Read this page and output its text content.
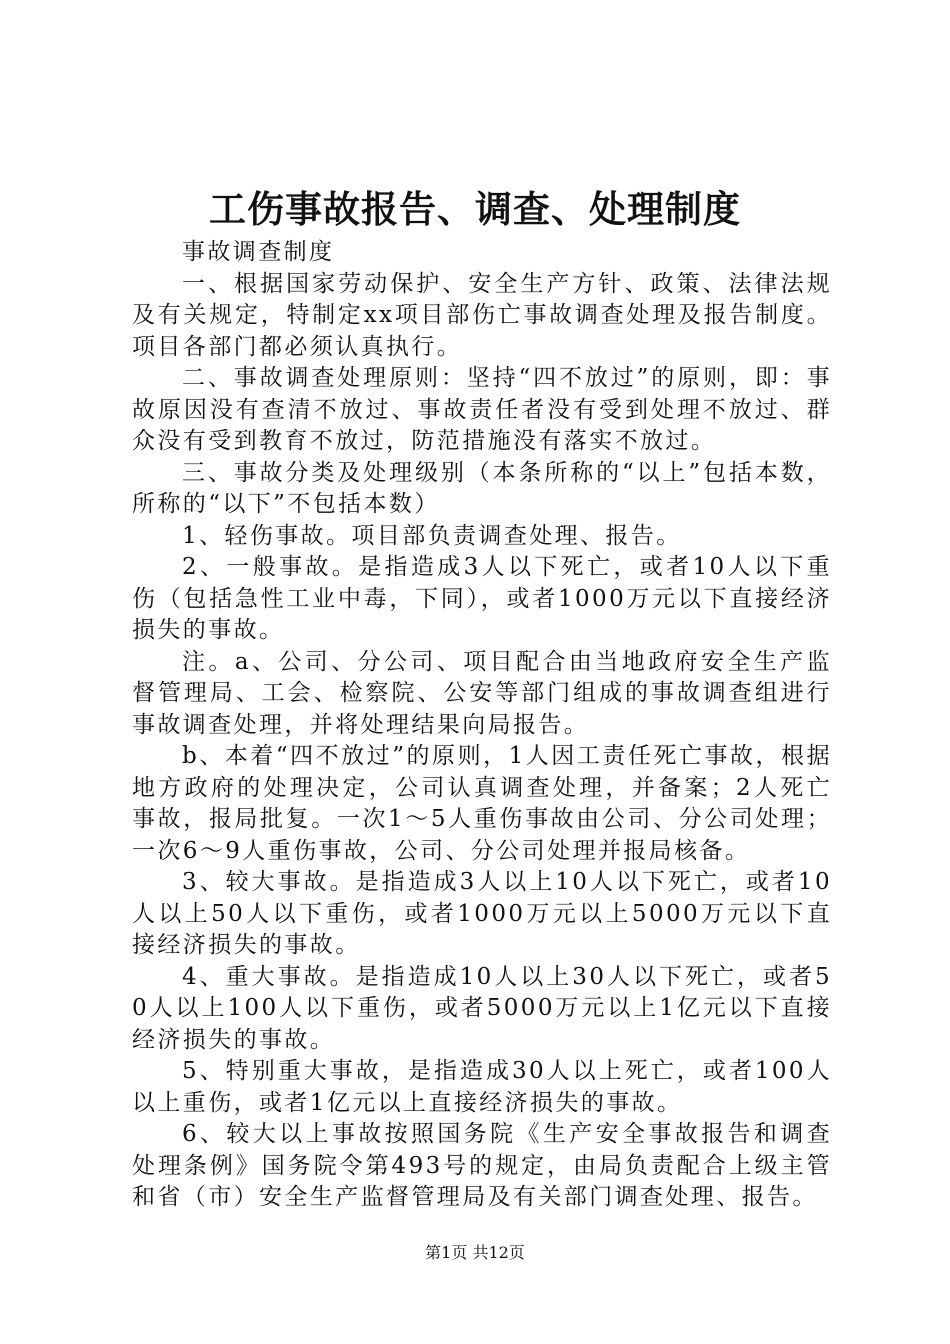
工伤事故报告、调查、处理制度

事故调查制度

一、根据国家劳动保护、安全生产方针、政策、法律法规及有关规定，特制定xx项目部伤亡事故调查处理及报告制度。项目各部门都必须认真执行。

二、事故调查处理原则：坚持“四不放过”的原则，即：事故原因没有查清不放过、事故责任者没有受到处理不放过、群众没有受到教育不放过，防范措施没有落实不放过。

三、事故分类及处理级别（本条所称的“以上”包括本数，所称的“以下”不包括本数）

1、轻伤事故。项目部负责调查处理、报告。

2、一般事故。是指造成3人以下死亡，或者10人以下重伤（包括急性工业中毒，下同），或者1000万元以下直接经济损失的事故。

注。a、公司、分公司、项目配合由当地政府安全生产监督管理局、工会、检察院、公安等部门组成的事故调查组进行事故调查处理，并将处理结果向局报告。

b、本着“四不放过”的原则，1人因工责任死亡事故，根据地方政府的处理决定，公司认真调查处理，并备案；2人死亡事故，报局批复。一次1～5人重伤事故由公司、分公司处理；一次6～9人重伤事故，公司、分公司处理并报局核备。

3、较大事故。是指造成3人以上10人以下死亡，或者10人以上50人以下重伤，或者1000万元以上5000万元以下直接经济损失的事故。

4、重大事故。是指造成10人以上30人以下死亡，或者50人以上100人以下重伤，或者5000万元以上1亿元以下直接经济损失的事故。

5、特别重大事故，是指造成30人以上死亡，或者100人以上重伤，或者1亿元以上直接经济损失的事故。

6、较大以上事故按照国务院《生产安全事故报告和调查处理条例》国务院令第493号的规定，由局负责配合上级主管和省（市）安全生产监督管理局及有关部门调查处理、报告。

第1页 共12页
